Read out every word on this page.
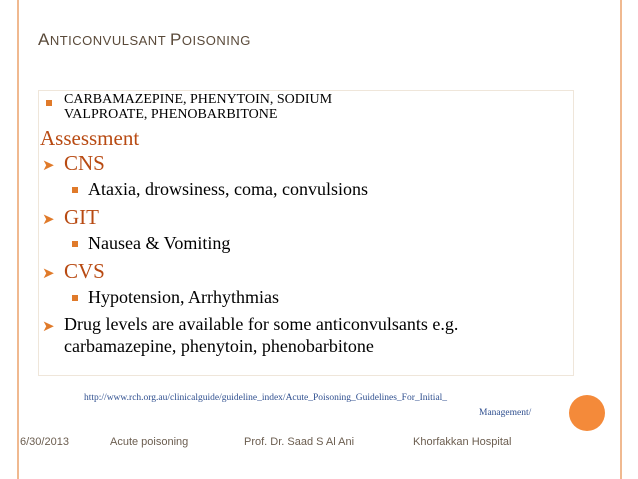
ANTICONVULSANT POISONING
CARBAMAZEPINE, PHENYTOIN, SODIUM
VALPROATE, PHENOBARBITONE
Assessment
➤ CNS
Ataxia, drowsiness, coma, convulsions
➤ GIT
Nausea & Vomiting
➤ CVS
Hypotension, Arrhythmias
➤ Drug levels are available for some anticonvulsants e.g.
carbamazepine, phenytoin, phenobarbitone
http://www.rch.org.au/clinicalguide/guideline_index/Acute_Poisoning_Guidelines_For_Initial_
Management/
6/30/2013	Acute poisoning	Prof. Dr. Saad S Al Ani	Khorfakkan Hospital
